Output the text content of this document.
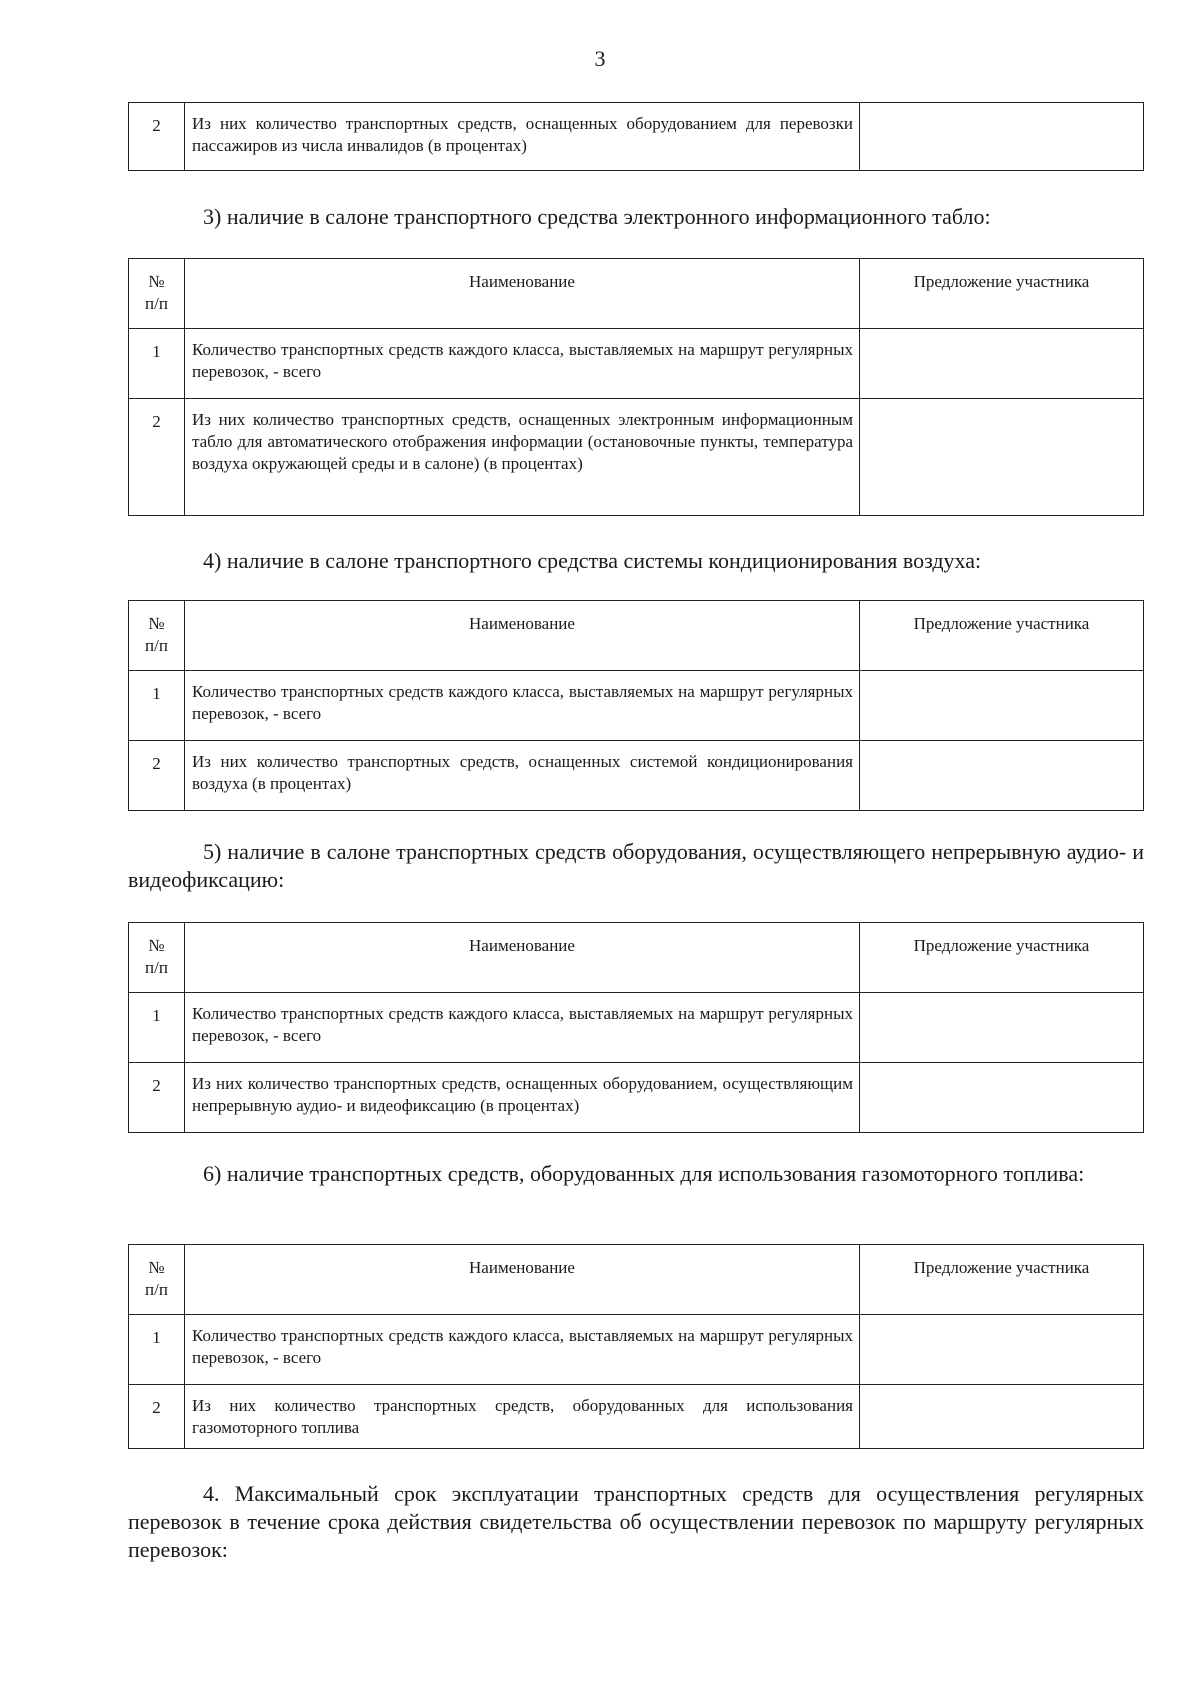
3
2	Из них количество транспортных средств, оснащенных оборудованием для перевозки пассажиров из числа инвалидов (в процентах)	

3) наличие в салоне транспортного средства электронного информационного табло:

№
п/п	Наименование	Предложение участника
1	Количество транспортных средств каждого класса, выставляемых на маршрут регулярных перевозок, - всего	
2	Из них количество транспортных средств, оснащенных электронным информационным табло для автоматического отображения информации (остановочные пункты, температура воздуха окружающей среды и в салоне) (в процентах)	

4) наличие в салоне транспортного средства системы кондиционирования воздуха:

№
п/п	Наименование	Предложение участника
1	Количество транспортных средств каждого класса, выставляемых на маршрут регулярных перевозок, - всего	
2	Из них количество транспортных средств, оснащенных системой кондиционирования воздуха (в процентах)	

5) наличие в салоне транспортных средств оборудования, осуществляющего непрерывную аудио- и видеофиксацию:

№
п/п	Наименование	Предложение участника
1	Количество транспортных средств каждого класса, выставляемых на маршрут регулярных перевозок, - всего	
2	Из них количество транспортных средств, оснащенных оборудованием, осуществляющим непрерывную аудио- и видеофиксацию (в процентах)	

6) наличие транспортных средств, оборудованных для использования газомоторного топлива:

№
п/п	Наименование	Предложение участника
1	Количество транспортных средств каждого класса, выставляемых на маршрут регулярных перевозок, - всего	
2	Из них количество транспортных средств, оборудованных для использования газомоторного топлива	

4. Максимальный срок эксплуатации транспортных средств для осуществления регулярных перевозок в течение срока действия свидетельства об осуществлении перевозок по маршруту регулярных перевозок:
